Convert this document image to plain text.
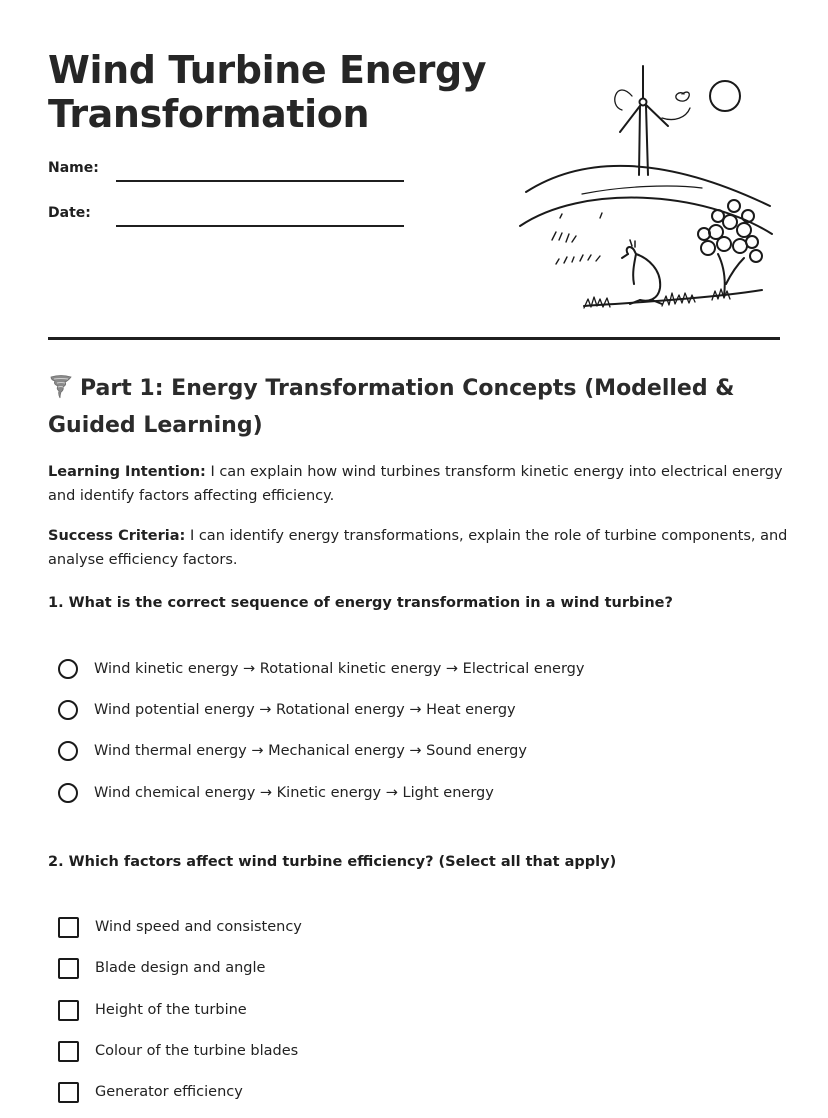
Wind Turbine Energy Transformation
Name:
Date:
Part 1: Energy Transformation Concepts (Modelled & Guided Learning)

Learning Intention: I can explain how wind turbines transform kinetic energy into electrical energy and identify factors affecting efficiency.

Success Criteria: I can identify energy transformations, explain the role of turbine components, and analyse efficiency factors.

1. What is the correct sequence of energy transformation in a wind turbine?

Wind kinetic energy → Rotational kinetic energy → Electrical energy
Wind potential energy → Rotational energy → Heat energy
Wind thermal energy → Mechanical energy → Sound energy
Wind chemical energy → Kinetic energy → Light energy

2. Which factors affect wind turbine efficiency? (Select all that apply)

Wind speed and consistency
Blade design and angle
Height of the turbine
Colour of the turbine blades
Generator efficiency
